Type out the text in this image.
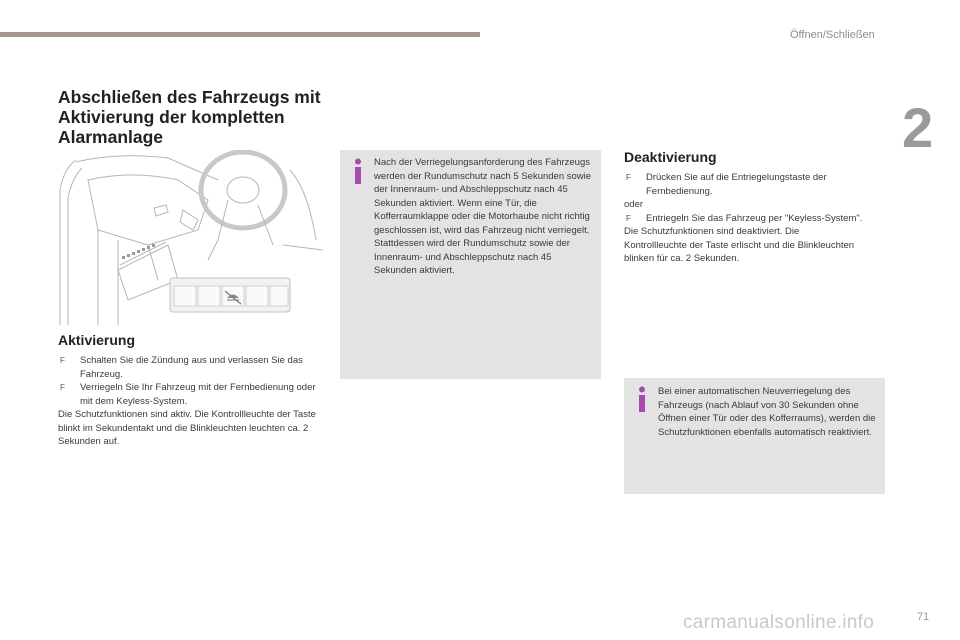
Öffnen/Schließen
2
Abschließen des Fahrzeugs mit Aktivierung der kompletten Alarmanlage
Aktivierung
F Schalten Sie die Zündung aus und verlassen Sie das Fahrzeug.
F Verriegeln Sie Ihr Fahrzeug mit der Fernbedienung oder mit dem Keyless-System.

Die Schutzfunktionen sind aktiv. Die Kontrollleuchte der Taste blinkt im Sekundentakt und die Blinkleuchten leuchten ca. 2 Sekunden auf.

Nach der Verriegelungsanforderung des Fahrzeugs werden der Rundumschutz nach 5 Sekunden sowie der Innenraum- und Abschleppschutz nach 45 Sekunden aktiviert. Wenn eine Tür, die Kofferraumklappe oder die Motorhaube nicht richtig geschlossen ist, wird das Fahrzeug nicht verriegelt. Stattdessen wird der Rundumschutz sowie der Innenraum- und Abschleppschutz nach 45 Sekunden aktiviert.
Deaktivierung
F Drücken Sie auf die Entriegelungstaste der Fernbedienung.

oder

F Entriegeln Sie das Fahrzeug per "Keyless-System".

Die Schutzfunktionen sind deaktiviert. Die Kontrollleuchte der Taste erlischt und die Blinkleuchten blinken für ca. 2 Sekunden.

Bei einer automatischen Neuverriegelung des Fahrzeugs (nach Ablauf von 30 Sekunden ohne Öffnen einer Tür oder des Kofferraums), werden die Schutzfunktionen ebenfalls automatisch reaktiviert.
carmanualsonline.info	71
